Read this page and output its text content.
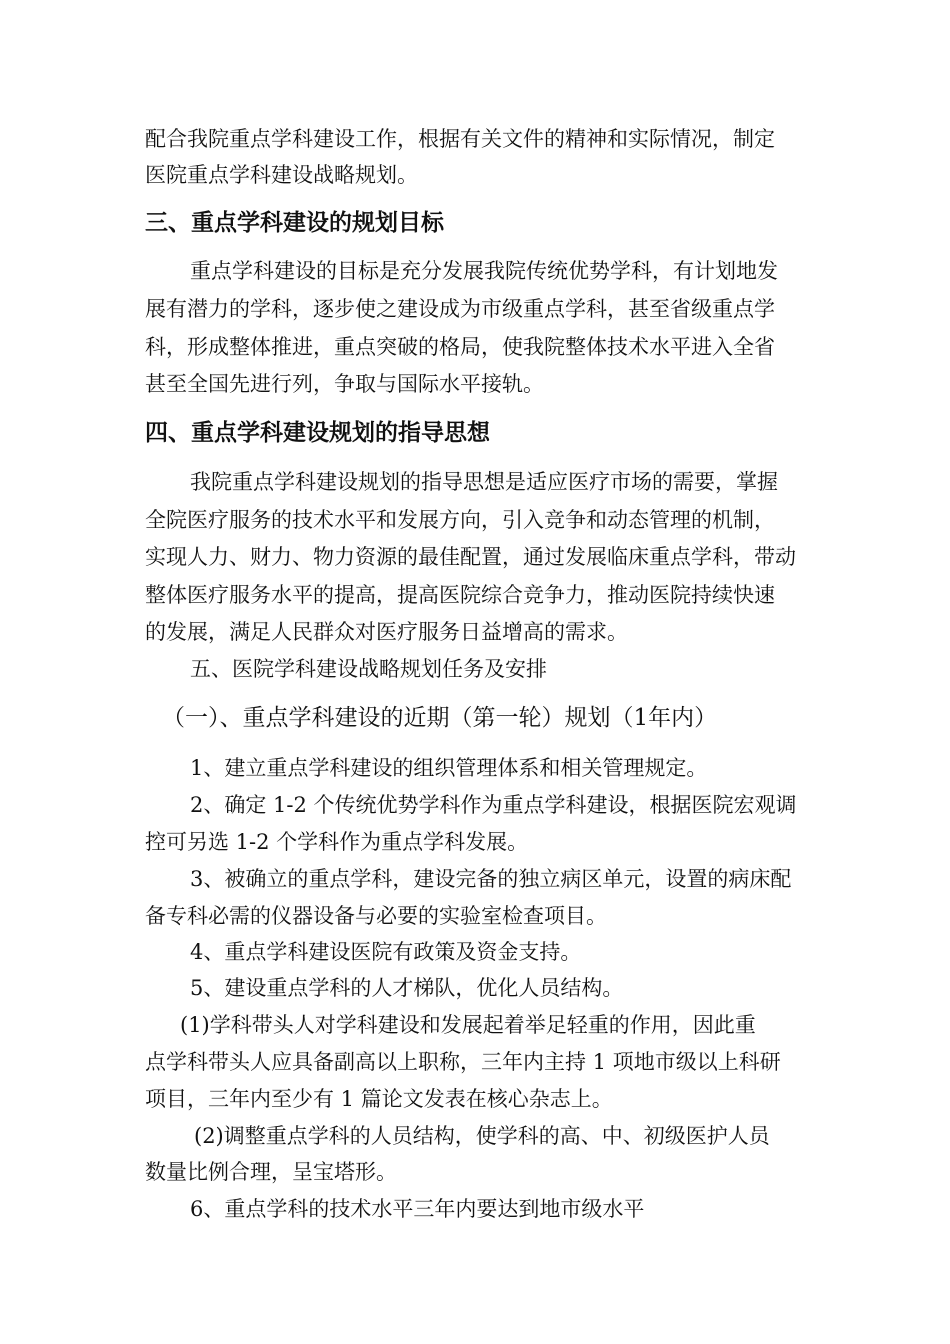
配合我院重点学科建设工作，根据有关文件的精神和实际情况，制定
医院重点学科建设战略规划。
三、重点学科建设的规划目标
重点学科建设的目标是充分发展我院传统优势学科，有计划地发
展有潜力的学科，逐步使之建设成为市级重点学科，甚至省级重点学
科，形成整体推进，重点突破的格局，使我院整体技术水平进入全省
甚至全国先进行列，争取与国际水平接轨。
四、重点学科建设规划的指导思想
我院重点学科建设规划的指导思想是适应医疗市场的需要，掌握
全院医疗服务的技术水平和发展方向，引入竞争和动态管理的机制，
实现人力、财力、物力资源的最佳配置，通过发展临床重点学科，带动
整体医疗服务水平的提高，提高医院综合竞争力，推动医院持续快速
的发展，满足人民群众对医疗服务日益增高的需求。
五、医院学科建设战略规划任务及安排
（一）、重点学科建设的近期（第一轮）规划（1年内）
1、建立重点学科建设的组织管理体系和相关管理规定。
2、确定 1-2 个传统优势学科作为重点学科建设，根据医院宏观调
控可另选 1-2 个学科作为重点学科发展。
3、被确立的重点学科，建设完备的独立病区单元，设置的病床配
备专科必需的仪器设备与必要的实验室检查项目。
4、重点学科建设医院有政策及资金支持。
5、建设重点学科的人才梯队，优化人员结构。
(1)学科带头人对学科建设和发展起着举足轻重的作用，因此重
点学科带头人应具备副高以上职称，三年内主持 1 项地市级以上科研
项目，三年内至少有 1 篇论文发表在核心杂志上。
(2)调整重点学科的人员结构，使学科的高、中、初级医护人员
数量比例合理，呈宝塔形。
6、重点学科的技术水平三年内要达到地市级水平
